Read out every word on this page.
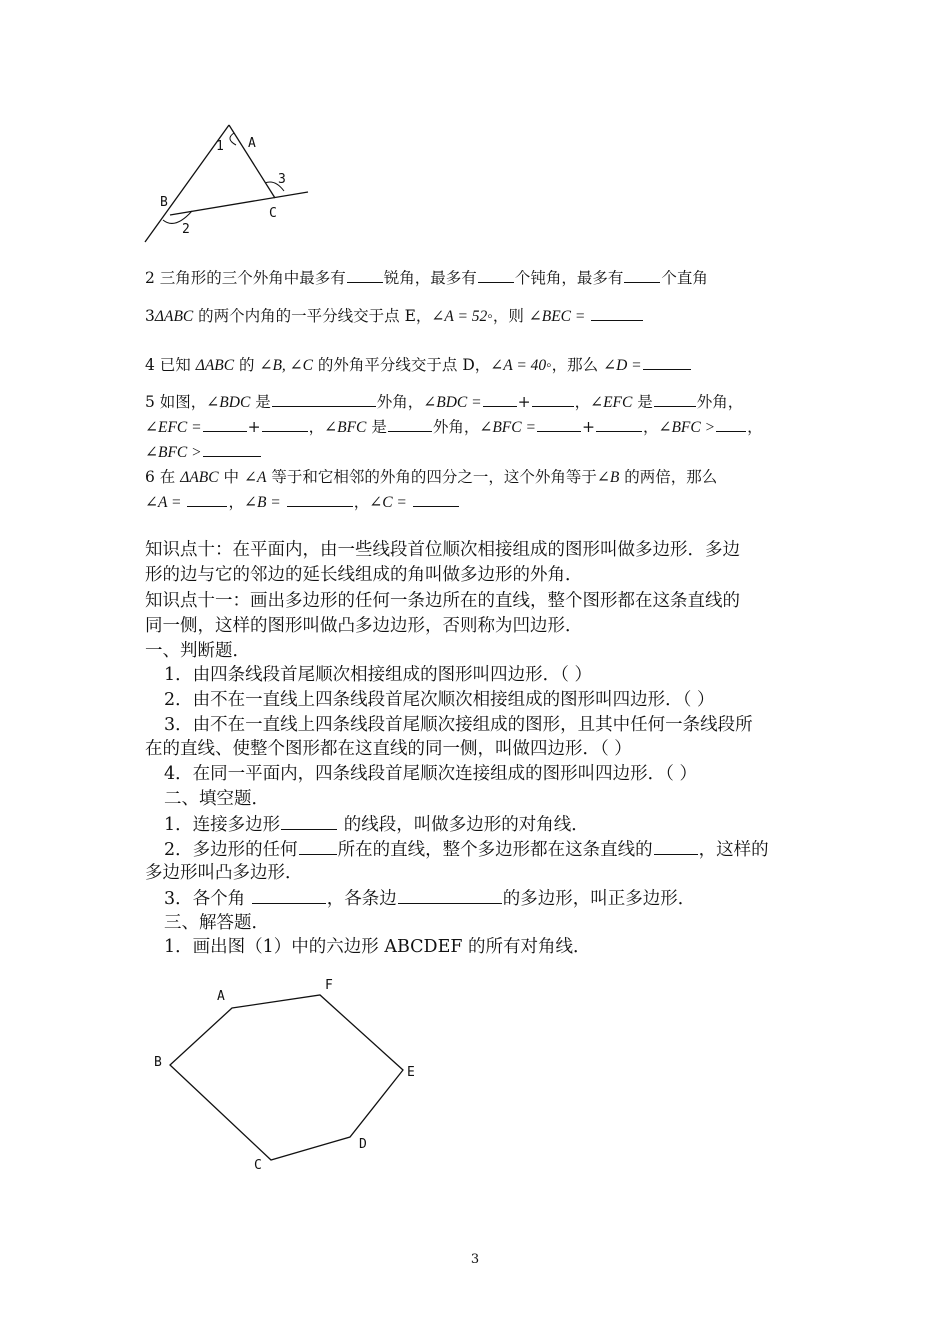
1 A
3
B
C
2
2 三角形的三个外角中最多有 锐角，最多有 个钝角，最多有 个直角
3ΔABC 的两个内角的一平分线交于点 E，∠A = 52◦，则 ∠BEC =
4 已知 ΔABC 的 ∠B, ∠C 的外角平分线交于点 D，∠A = 40◦，那么 ∠D =
5 如图，∠BDC 是	外角，∠BDC = +	，∠EFC 是	外角，
∠EFC =	+	，∠BFC 是	外角，∠BFC =	+	，∠BFC > ，
∠BFC >
6 在 ΔABC 中 ∠A 等于和它相邻的外角的四分之一，这个外角等于∠B 的两倍，那么
∠A =	，∠B =	，∠C =
知识点十：在平面内，由一些线段首位顺次相接组成的图形叫做多边形．多边
形的边与它的邻边的延长线组成的角叫做多边形的外角．
知识点十一：画出多边形的任何一条边所在的直线，整个图形都在这条直线的
同一侧，这样的图形叫做凸多边边形，否则称为凹边形．
一、判断题．
1．由四条线段首尾顺次相接组成的图形叫四边形．（ ）
2．由不在一直线上四条线段首尾次顺次相接组成的图形叫四边形．（ ）
3．由不在一直线上四条线段首尾顺次接组成的图形，且其中任何一条线段所
在的直线、使整个图形都在这直线的同一侧，叫做四边形．（ ）
4．在同一平面内，四条线段首尾顺次连接组成的图形叫四边形．（ ）
二、填空题．
1．连接多边形	的线段，叫做多边形的对角线．
2．多边形的任何 所在的直线，整个多边形都在这条直线的	，这样的
多边形叫凸多边形．
3．各个角	，各条边	的多边形，叫正多边形．
三、解答题．
1．画出图（1）中的六边形 ABCDEF 的所有对角线．
A
F
B
E
C
D
3
